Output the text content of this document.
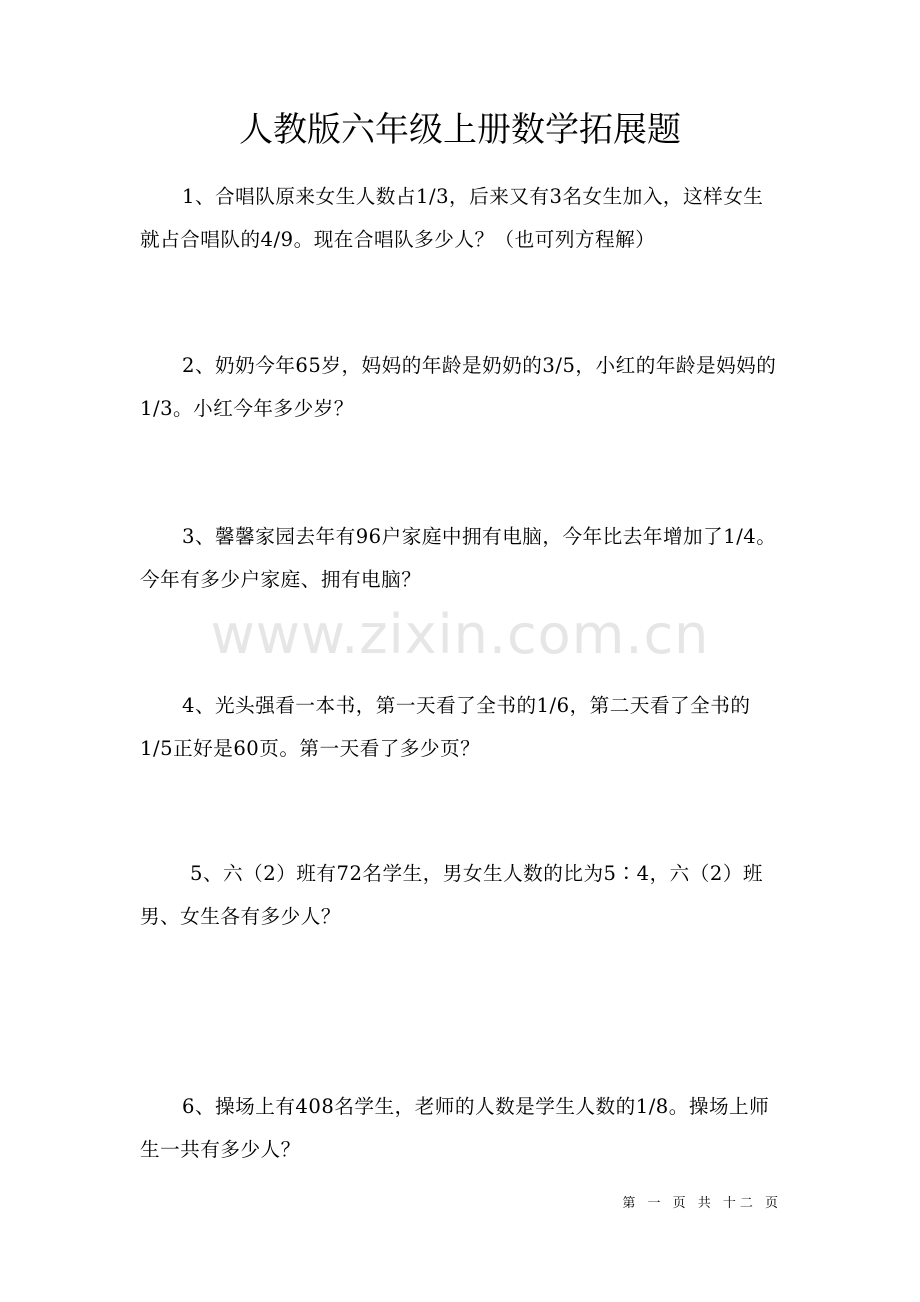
人教版六年级上册数学拓展题

1、合唱队原来女生人数占1/3，后来又有3名女生加入，这样女生就占合唱队的4/9。现在合唱队多少人？（也可列方程解）

2、奶奶今年65岁，妈妈的年龄是奶奶的3/5，小红的年龄是妈妈的1/3。小红今年多少岁？

3、馨馨家园去年有96户家庭中拥有电脑，今年比去年增加了1/4。今年有多少户家庭、拥有电脑？

www.zixin.com.cn

4、光头强看一本书，第一天看了全书的1/6，第二天看了全书的1/5正好是60页。第一天看了多少页？

5、六（2）班有72名学生，男女生人数的比为5∶4，六（2）班男、女生各有多少人？

6、操场上有408名学生，老师的人数是学生人数的1/8。操场上师生一共有多少人？

第 一 页 共 十二 页
